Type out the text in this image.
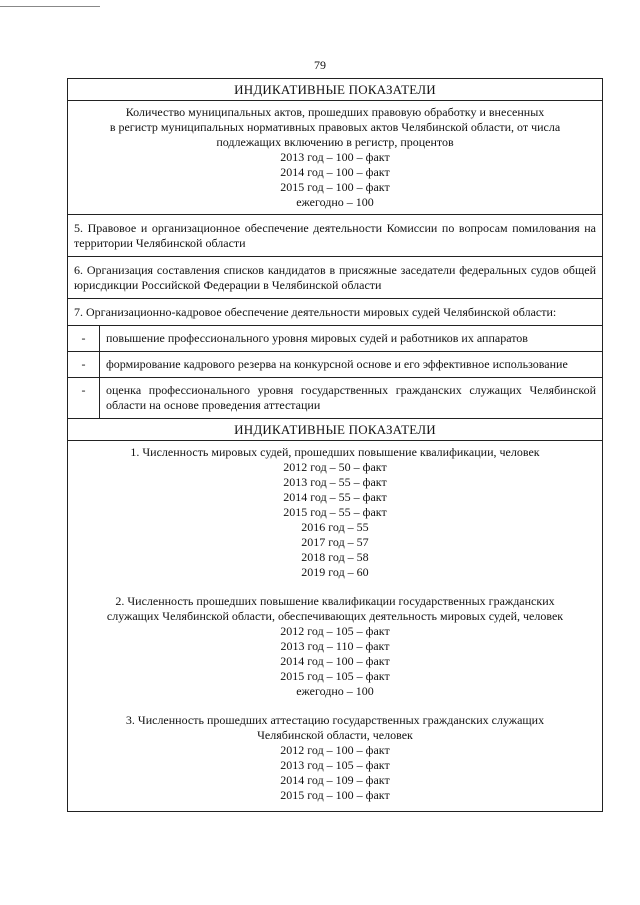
79
ИНДИКАТИВНЫЕ ПОКАЗАТЕЛИ
Количество муниципальных актов, прошедших правовую обработку и внесенных
в регистр муниципальных нормативных правовых актов Челябинской области, от числа
подлежащих включению в регистр, процентов
2013 год – 100 – факт
2014 год – 100 – факт
2015 год – 100 – факт
ежегодно – 100
5. Правовое и организационное обеспечение деятельности Комиссии по вопросам помилования на территории Челябинской области
6. Организация составления списков кандидатов в присяжные заседатели федеральных судов общей юрисдикции Российской Федерации в Челябинской области
7. Организационно-кадровое обеспечение деятельности мировых судей Челябинской области:
-	повышение профессионального уровня мировых судей и работников их аппаратов
-	формирование кадрового резерва на конкурсной основе и его эффективное использование
-	оценка профессионального уровня государственных гражданских служащих Челябинской области на основе проведения аттестации
ИНДИКАТИВНЫЕ ПОКАЗАТЕЛИ
1. Численность мировых судей, прошедших повышение квалификации, человек
2012 год – 50 – факт
2013 год – 55 – факт
2014 год – 55 – факт
2015 год – 55 – факт
2016 год – 55
2017 год – 57
2018 год – 58
2019 год – 60
2. Численность прошедших повышение квалификации государственных гражданских
служащих Челябинской области, обеспечивающих деятельность мировых судей, человек
2012 год – 105 – факт
2013 год – 110 – факт
2014 год – 100 – факт
2015 год – 105 – факт
ежегодно – 100
3. Численность прошедших аттестацию государственных гражданских служащих
Челябинской области, человек
2012 год – 100 – факт
2013 год – 105 – факт
2014 год – 109 – факт
2015 год – 100 – факт
